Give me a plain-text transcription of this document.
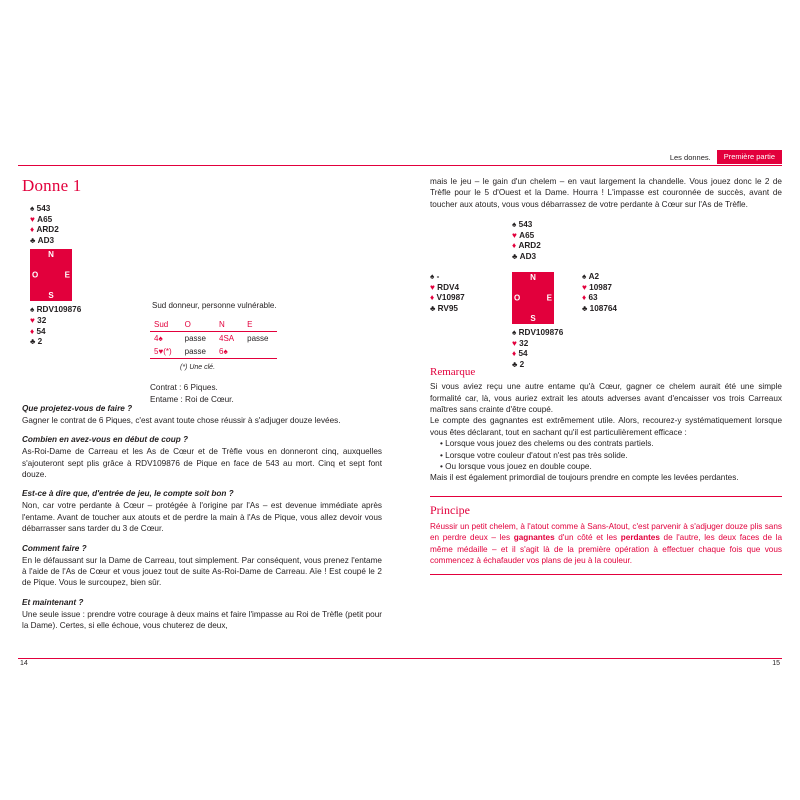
Les donnes.	Première partie
Donne 1
♠ 543
♥ A65
♦ ARD2
♣ AD3
N
O	E
S
♠ RDV109876
♥ 32
♦ 54
♣ 2
Sud donneur, personne vulnérable.
Sud	O	N	E
4♠	passe	4SA	passe
5♥(*)	passe	6♠	
(*) Une clé.
Contrat : 6 Piques.
Entame : Roi de Cœur.
Que projetez-vous de faire ?

Gagner le contrat de 6 Piques, c'est avant toute chose réussir à s'adjuger douze levées.

Combien en avez-vous en début de coup ?

As-Roi-Dame de Carreau et les As de Cœur et de Trèfle vous en donneront cinq, auxquelles s'ajouteront sept plis grâce à RDV109876 de Pique en face de 543 au mort. Cinq et sept font douze.

Est-ce à dire que, d'entrée de jeu, le compte soit bon ?

Non, car votre perdante à Cœur – protégée à l'origine par l'As – est devenue immédiate après l'entame. Avant de toucher aux atouts et de perdre la main à l'As de Pique, vous allez devoir vous débarrasser sans tarder du 3 de Cœur.

Comment faire ?

En le défaussant sur la Dame de Carreau, tout simplement. Par conséquent, vous prenez l'entame à l'aide de l'As de Cœur et vous jouez tout de suite As-Roi-Dame de Carreau. Aïe ! Est coupé le 2 de Pique. Vous le surcoupez, bien sûr.

Et maintenant ?

Une seule issue : prendre votre courage à deux mains et faire l'impasse au Roi de Trèfle (petit pour la Dame). Certes, si elle échoue, vous chuterez de deux,

mais le jeu – le gain d'un chelem – en vaut largement la chandelle. Vous jouez donc le 2 de Trèfle pour le 5 d'Ouest et la Dame. Hourra ! L'impasse est couronnée de succès, avant de toucher aux atouts, vous vous débarrassez de votre perdante à Cœur sur l'As de Trèfle.

♠ 543
♥ A65
♦ ARD2
♣ AD3
♠ -
♥ RDV4
♦ V10987
♣ RV95
N
O	E
S
♠ A2
♥ 10987
♦ 63
♣ 108764
♠ RDV109876
♥ 32
♦ 54
♣ 2
Remarque

Si vous aviez reçu une autre entame qu'à Cœur, gagner ce chelem aurait été une simple formalité car, là, vous auriez extrait les atouts adverses avant d'encaisser vos trois Carreaux maîtres sans crainte d'être coupé.

Le compte des gagnantes est extrêmement utile. Alors, recourez-y systématiquement lorsque vous êtes déclarant, tout en sachant qu'il est particulièrement efficace :

• Lorsque vous jouez des chelems ou des contrats partiels.
• Lorsque votre couleur d'atout n'est pas très solide.
• Ou lorsque vous jouez en double coupe.

Mais il est également primordial de toujours prendre en compte les levées perdantes.

Principe

Réussir un petit chelem, à l'atout comme à Sans-Atout, c'est parvenir à s'adjuger douze plis sans en perdre deux – les gagnantes d'un côté et les perdantes de l'autre, les deux faces de la même médaille – et il s'agit là de la première opération à effectuer chaque fois que vous commencez à échafauder vos plans de jeu à la couleur.

14	15
